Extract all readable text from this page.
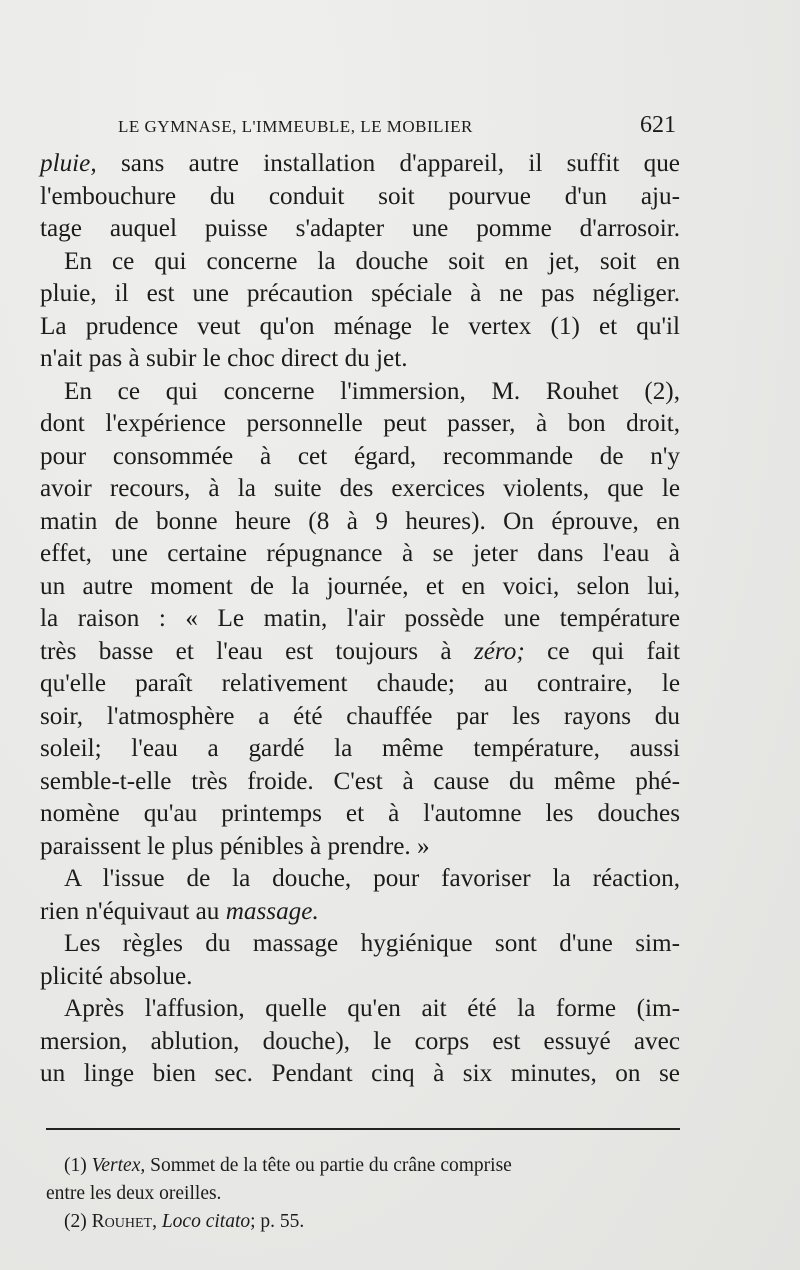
LE GYMNASE, L'IMMEUBLE, LE MOBILIER	621
pluie, sans autre installation d'appareil, il suffit que
l'embouchure du conduit soit pourvue d'un aju-
tage auquel puisse s'adapter une pomme d'arrosoir.
En ce qui concerne la douche soit en jet, soit en
pluie, il est une précaution spéciale à ne pas négliger.
La prudence veut qu'on ménage le vertex (1) et qu'il
n'ait pas à subir le choc direct du jet.
En ce qui concerne l'immersion, M. Rouhet (2),
dont l'expérience personnelle peut passer, à bon droit,
pour consommée à cet égard, recommande de n'y
avoir recours, à la suite des exercices violents, que le
matin de bonne heure (8 à 9 heures). On éprouve, en
effet, une certaine répugnance à se jeter dans l'eau à
un autre moment de la journée, et en voici, selon lui,
la raison : « Le matin, l'air possède une température
très basse et l'eau est toujours à zéro; ce qui fait
qu'elle paraît relativement chaude; au contraire, le
soir, l'atmosphère a été chauffée par les rayons du
soleil; l'eau a gardé la même température, aussi
semble-t-elle très froide. C'est à cause du même phé-
nomène qu'au printemps et à l'automne les douches
paraissent le plus pénibles à prendre. »
A l'issue de la douche, pour favoriser la réaction,
rien n'équivaut au massage.
Les règles du massage hygiénique sont d'une sim-
plicité absolue.
Après l'affusion, quelle qu'en ait été la forme (im-
mersion, ablution, douche), le corps est essuyé avec
un linge bien sec. Pendant cinq à six minutes, on se
(1) Vertex, Sommet de la tête ou partie du crâne comprise
entre les deux oreilles.
(2) Rouhet, Loco citato; p. 55.
